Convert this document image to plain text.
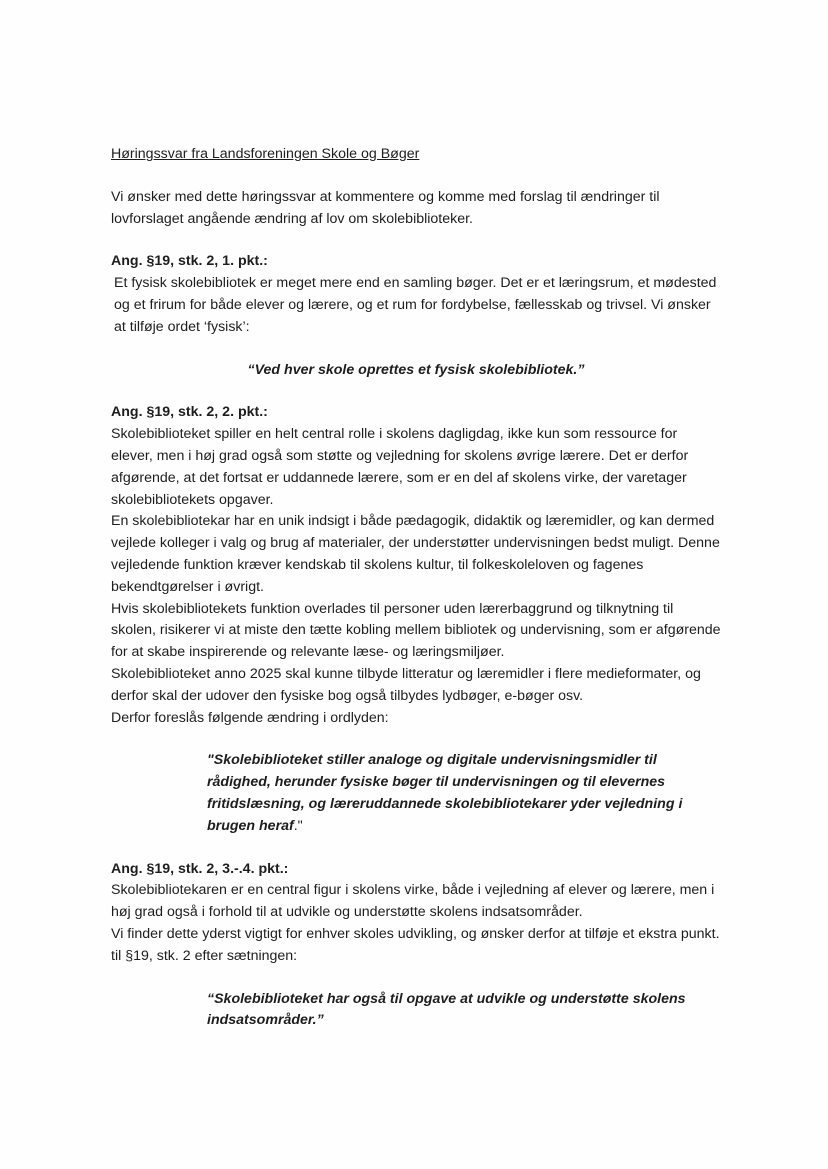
Høringssvar fra Landsforeningen Skole og Bøger

Vi ønsker med dette høringssvar at kommentere og komme med forslag til ændringer til lovforslaget angående ændring af lov om skolebiblioteker.

Ang. §19, stk. 2, 1. pkt.:

Et fysisk skolebibliotek er meget mere end en samling bøger. Det er et læringsrum, et mødested og et frirum for både elever og lærere, og et rum for fordybelse, fællesskab og trivsel. Vi ønsker at tilføje ordet ‘fysisk’:

“Ved hver skole oprettes et fysisk skolebibliotek.”

Ang. §19, stk. 2, 2. pkt.:

Skolebiblioteket spiller en helt central rolle i skolens dagligdag, ikke kun som ressource for elever, men i høj grad også som støtte og vejledning for skolens øvrige lærere. Det er derfor afgørende, at det fortsat er uddannede lærere, som er en del af skolens virke, der varetager skolebibliotekets opgaver.

En skolebibliotekar har en unik indsigt i både pædagogik, didaktik og læremidler, og kan dermed vejlede kolleger i valg og brug af materialer, der understøtter undervisningen bedst muligt. Denne vejledende funktion kræver kendskab til skolens kultur, til folkeskoleloven og fagenes bekendtgørelser i øvrigt.

Hvis skolebibliotekets funktion overlades til personer uden lærerbaggrund og tilknytning til skolen, risikerer vi at miste den tætte kobling mellem bibliotek og undervisning, som er afgørende for at skabe inspirerende og relevante læse- og læringsmiljøer.

Skolebiblioteket anno 2025 skal kunne tilbyde litteratur og læremidler i flere medieformater, og derfor skal der udover den fysiske bog også tilbydes lydbøger, e-bøger osv.

Derfor foreslås følgende ændring i ordlyden:

"Skolebiblioteket stiller analoge og digitale undervisningsmidler til rådighed, herunder fysiske bøger til undervisningen og til elevernes fritidslæsning, og læreruddannede skolebibliotekarer yder vejledning i brugen heraf."

Ang. §19, stk. 2, 3.-.4. pkt.:

Skolebibliotekaren er en central figur i skolens virke, både i vejledning af elever og lærere, men i høj grad også i forhold til at udvikle og understøtte skolens indsatsområder.

Vi finder dette yderst vigtigt for enhver skoles udvikling, og ønsker derfor at tilføje et ekstra punkt. til §19, stk. 2 efter sætningen:

“Skolebiblioteket har også til opgave at udvikle og understøtte skolens indsatsområder.”
